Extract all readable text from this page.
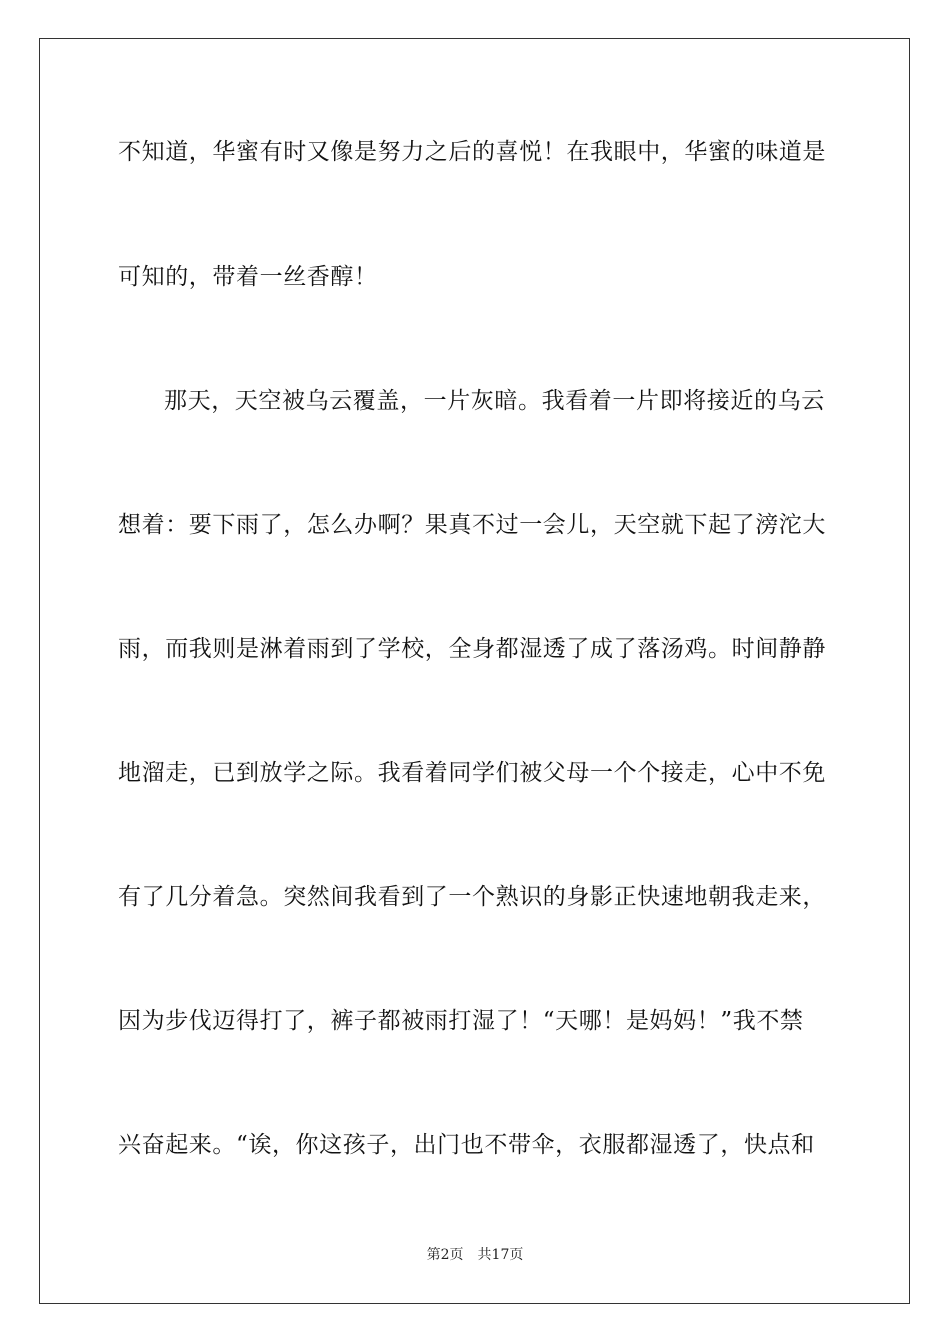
不知道，华蜜有时又像是努力之后的喜悦！在我眼中，华蜜的味道是
可知的，带着一丝香醇！
那天，天空被乌云覆盖，一片灰暗。我看着一片即将接近的乌云
想着：要下雨了，怎么办啊？果真不过一会儿，天空就下起了滂沱大
雨，而我则是淋着雨到了学校，全身都湿透了成了落汤鸡。时间静静
地溜走，已到放学之际。我看着同学们被父母一个个接走，心中不免
有了几分着急。突然间我看到了一个熟识的身影正快速地朝我走来，
因为步伐迈得打了，裤子都被雨打湿了！“天哪！是妈妈！”我不禁
兴奋起来。“诶，你这孩子，出门也不带伞，衣服都湿透了，快点和
第2页 共17页
